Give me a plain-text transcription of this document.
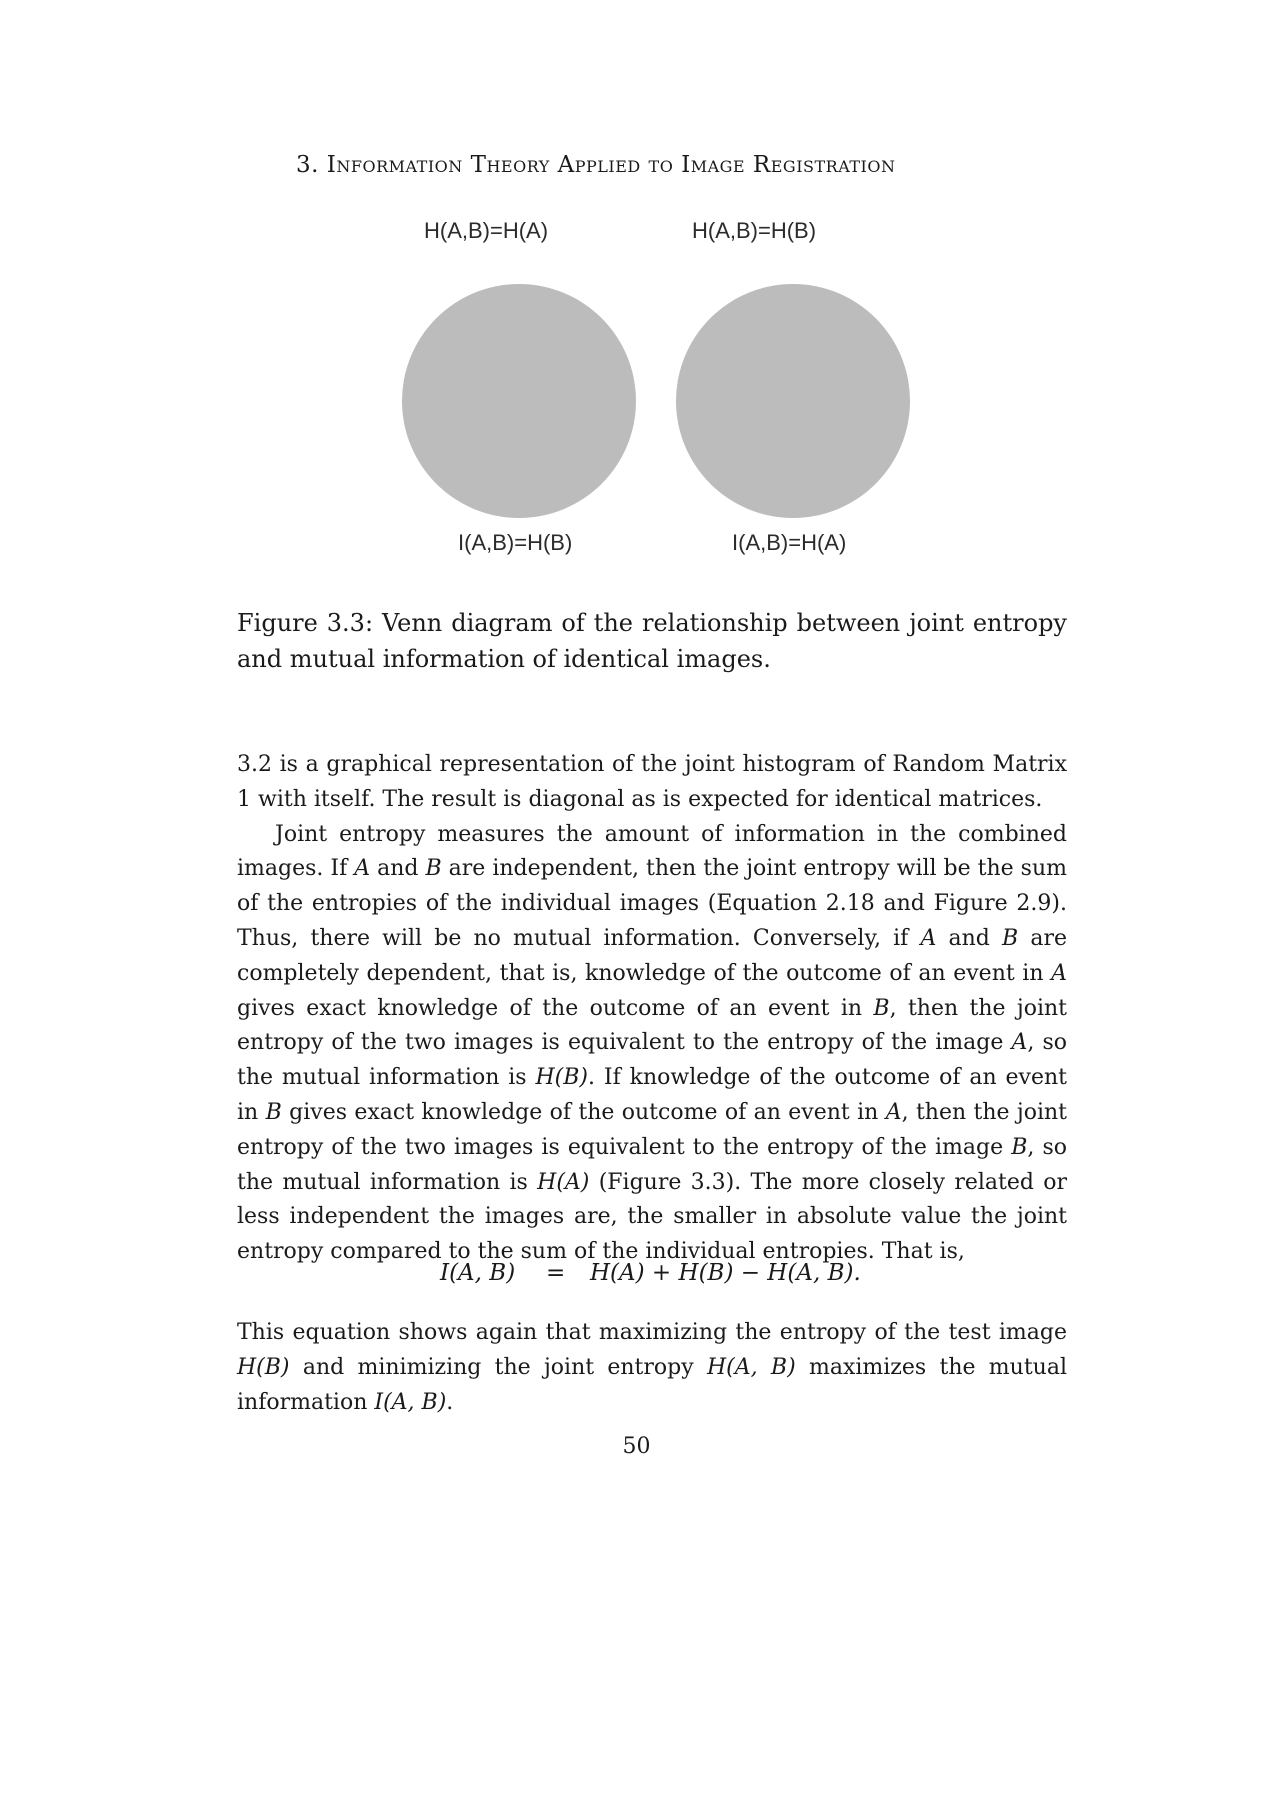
3. Information Theory Applied to Image Registration
H(A,B)=H(A)	H(A,B)=H(B)
I(A,B)=H(B)	I(A,B)=H(A)
Figure 3.3: Venn diagram of the relationship between joint entropy and mutual information of identical images.

3.2 is a graphical representation of the joint histogram of Random Matrix 1 with itself. The result is diagonal as is expected for identical matrices.

Joint entropy measures the amount of information in the combined images. If A and B are independent, then the joint entropy will be the sum of the entropies of the individual images (Equation 2.18 and Figure 2.9). Thus, there will be no mutual information. Conversely, if A and B are completely dependent, that is, knowledge of the outcome of an event in A gives exact knowledge of the outcome of an event in B, then the joint entropy of the two images is equivalent to the entropy of the image A, so the mutual information is H(B). If knowledge of the outcome of an event in B gives exact knowledge of the outcome of an event in A, then the joint entropy of the two images is equivalent to the entropy of the image B, so the mutual information is H(A) (Figure 3.3). The more closely related or less independent the images are, the smaller in absolute value the joint entropy compared to the sum of the individual entropies. That is,

I(A, B) = H(A) + H(B) − H(A, B).
This equation shows again that maximizing the entropy of the test image H(B) and minimizing the joint entropy H(A, B) maximizes the mutual information I(A, B).
50
